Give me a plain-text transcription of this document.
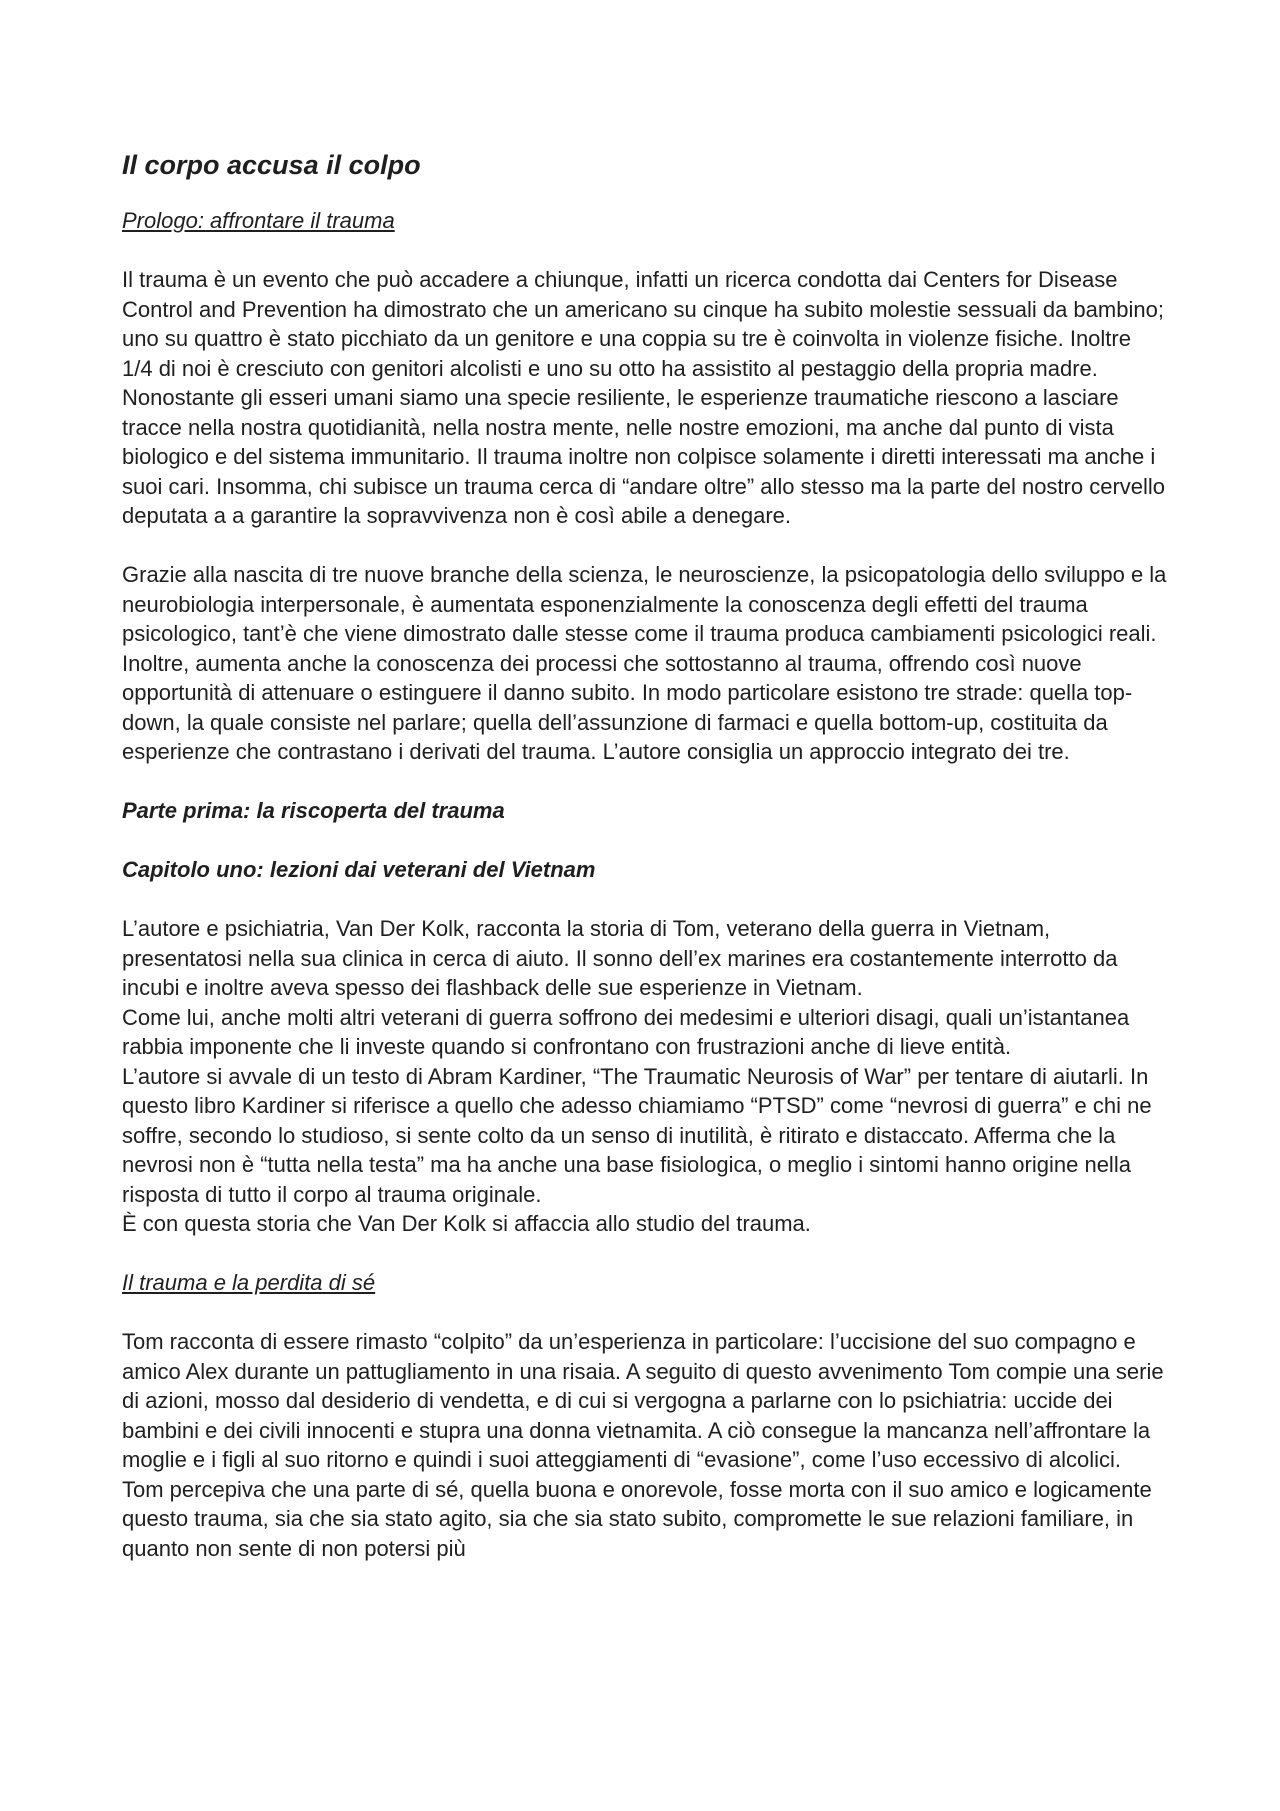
Il corpo accusa il colpo
Prologo: affrontare il trauma

Il trauma è un evento che può accadere a chiunque, infatti un ricerca condotta dai Centers for Disease Control and Prevention ha dimostrato che un americano su cinque ha subito molestie sessuali da bambino; uno su quattro è stato picchiato da un genitore e una coppia su tre è coinvolta in violenze fisiche. Inoltre 1/4 di noi è cresciuto con genitori alcolisti e uno su otto ha assistito al pestaggio della propria madre.

Nonostante gli esseri umani siamo una specie resiliente, le esperienze traumatiche riescono a lasciare tracce nella nostra quotidianità, nella nostra mente, nelle nostre emozioni, ma anche dal punto di vista biologico e del sistema immunitario. Il trauma inoltre non colpisce solamente i diretti interessati ma anche i suoi cari. Insomma, chi subisce un trauma cerca di “andare oltre” allo stesso ma la parte del nostro cervello deputata a a garantire la sopravvivenza non è così abile a denegare.

Grazie alla nascita di tre nuove branche della scienza, le neuroscienze, la psicopatologia dello sviluppo e la neurobiologia interpersonale, è aumentata esponenzialmente la conoscenza degli effetti del trauma psicologico, tant’è che viene dimostrato dalle stesse come il trauma produca cambiamenti psicologici reali. Inoltre, aumenta anche la conoscenza dei processi che sottostanno al trauma, offrendo così nuove opportunità di attenuare o estinguere il danno subito. In modo particolare esistono tre strade: quella top-down, la quale consiste nel parlare; quella dell’assunzione di farmaci e quella bottom-up, costituita da esperienze che contrastano i derivati del trauma. L’autore consiglia un approccio integrato dei tre.

Parte prima: la riscoperta del trauma
Capitolo uno: lezioni dai veterani del Vietnam

L’autore e psichiatria, Van Der Kolk, racconta la storia di Tom, veterano della guerra in Vietnam, presentatosi nella sua clinica in cerca di aiuto. Il sonno dell’ex marines era costantemente interrotto da incubi e inoltre aveva spesso dei flashback delle sue esperienze in Vietnam.

Come lui, anche molti altri veterani di guerra soffrono dei medesimi e ulteriori disagi, quali un’istantanea rabbia imponente che li investe quando si confrontano con frustrazioni anche di lieve entità.

L’autore si avvale di un testo di Abram Kardiner, “The Traumatic Neurosis of War” per tentare di aiutarli. In questo libro Kardiner si riferisce a quello che adesso chiamiamo “PTSD” come “nevrosi di guerra” e chi ne soffre, secondo lo studioso, si sente colto da un senso di inutilità, è ritirato e distaccato. Afferma che la nevrosi non è “tutta nella testa” ma ha anche una base fisiologica, o meglio i sintomi hanno origine nella risposta di tutto il corpo al trauma originale.

È con questa storia che Van Der Kolk si affaccia allo studio del trauma.

Il trauma e la perdita di sé

Tom racconta di essere rimasto “colpito” da un’esperienza in particolare: l’uccisione del suo compagno e amico Alex durante un pattugliamento in una risaia. A seguito di questo avvenimento Tom compie una serie di azioni, mosso dal desiderio di vendetta, e di cui si vergogna a parlarne con lo psichiatria: uccide dei bambini e dei civili innocenti e stupra una donna vietnamita. A ciò consegue la mancanza nell’affrontare la moglie e i figli al suo ritorno e quindi i suoi atteggiamenti di “evasione”, come l’uso eccessivo di alcolici. Tom percepiva che una parte di sé, quella buona e onorevole, fosse morta con il suo amico e logicamente questo trauma, sia che sia stato agito, sia che sia stato subito, compromette le sue relazioni familiare, in quanto non sente di non potersi più
